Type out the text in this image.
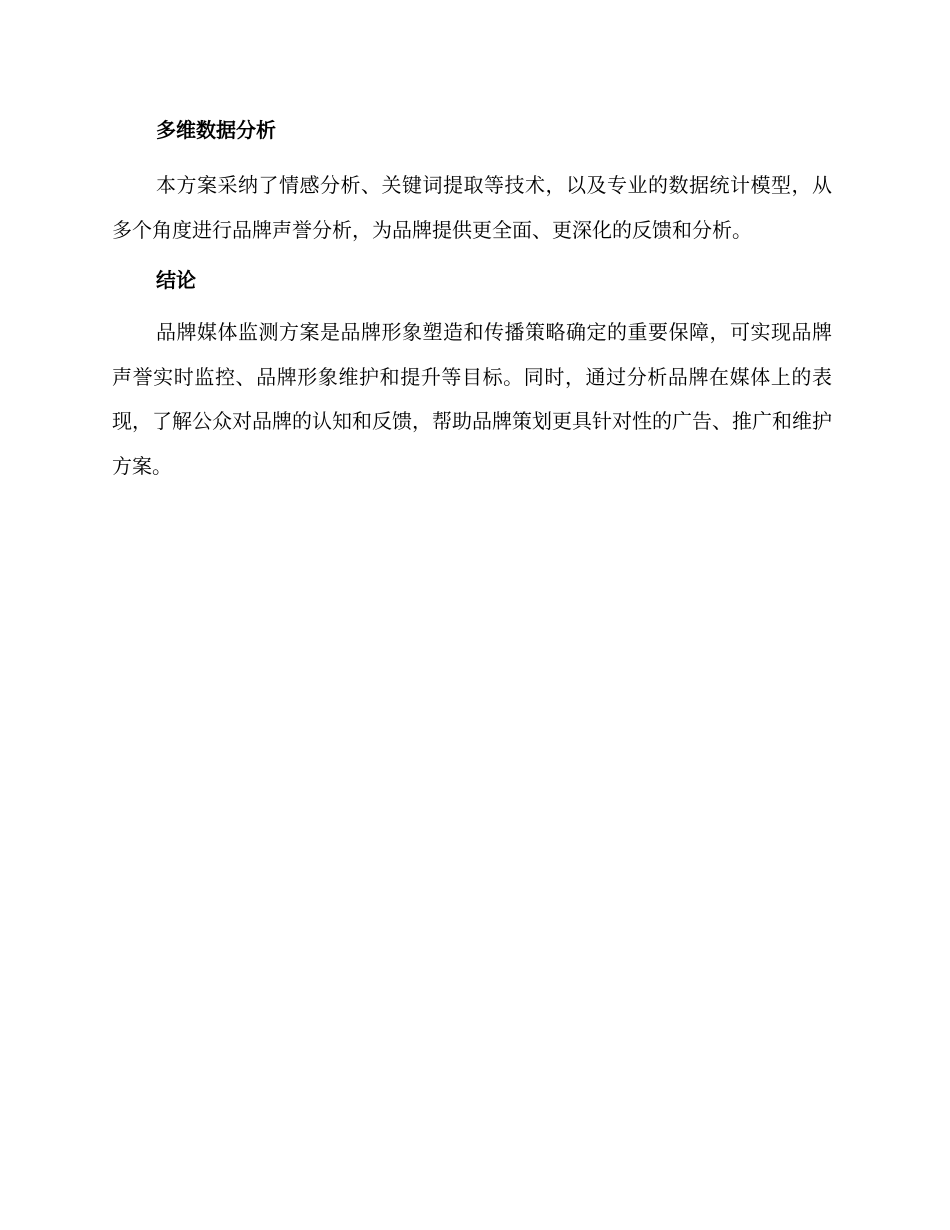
多维数据分析

本方案采纳了情感分析、关键词提取等技术，以及专业的数据统计模型，从多个角度进行品牌声誉分析，为品牌提供更全面、更深化的反馈和分析。

结论

品牌媒体监测方案是品牌形象塑造和传播策略确定的重要保障，可实现品牌声誉实时监控、品牌形象维护和提升等目标。同时，通过分析品牌在媒体上的表现，了解公众对品牌的认知和反馈，帮助品牌策划更具针对性的广告、推广和维护方案。
